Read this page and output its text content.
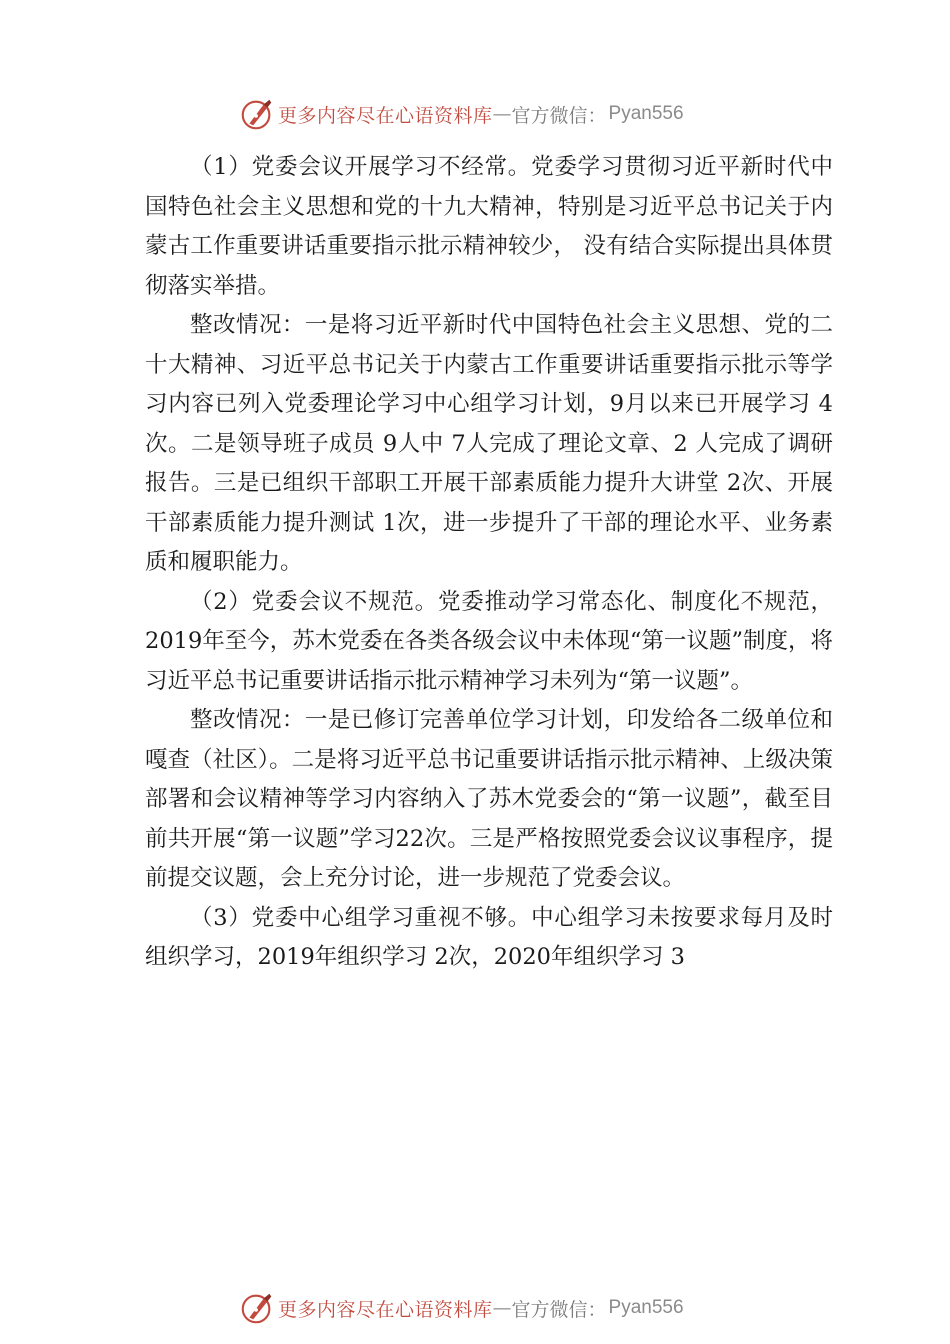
更多内容尽在心语资料库 — 官方微信： Pyan556

（1）党委会议开展学习不经常。党委学习贯彻习近平新时代中国特色社会主义思想和党的十九大精神，特别是习近平总书记关于内蒙古工作重要讲话重要指示批示精神较少， 没有结合实际提出具体贯彻落实举措。

整改情况：一是将习近平新时代中国特色社会主义思想、党的二十大精神、习近平总书记关于内蒙古工作重要讲话重要指示批示等学习内容已列入党委理论学习中心组学习计划，9月以来已开展学习 4次。二是领导班子成员 9人中 7人完成了理论文章、2 人完成了调研报告。三是已组织干部职工开展干部素质能力提升大讲堂 2次、开展干部素质能力提升测试 1次，进一步提升了干部的理论水平、业务素质和履职能力。

（2）党委会议不规范。党委推动学习常态化、制度化不规范，2019年至今，苏木党委在各类各级会议中未体现“第一议题”制度，将习近平总书记重要讲话指示批示精神学习未列为“第一议题”。

整改情况：一是已修订完善单位学习计划，印发给各二级单位和嘎查（社区）。二是将习近平总书记重要讲话指示批示精神、上级决策部署和会议精神等学习内容纳入了苏木党委会的“第一议题”，截至目前共开展“第一议题”学习22次。三是严格按照党委会议议事程序，提前提交议题，会上充分讨论，进一步规范了党委会议。

（3）党委中心组学习重视不够。中心组学习未按要求每月及时组织学习，2019年组织学习 2次，2020年组织学习 3

更多内容尽在心语资料库 — 官方微信： Pyan556
